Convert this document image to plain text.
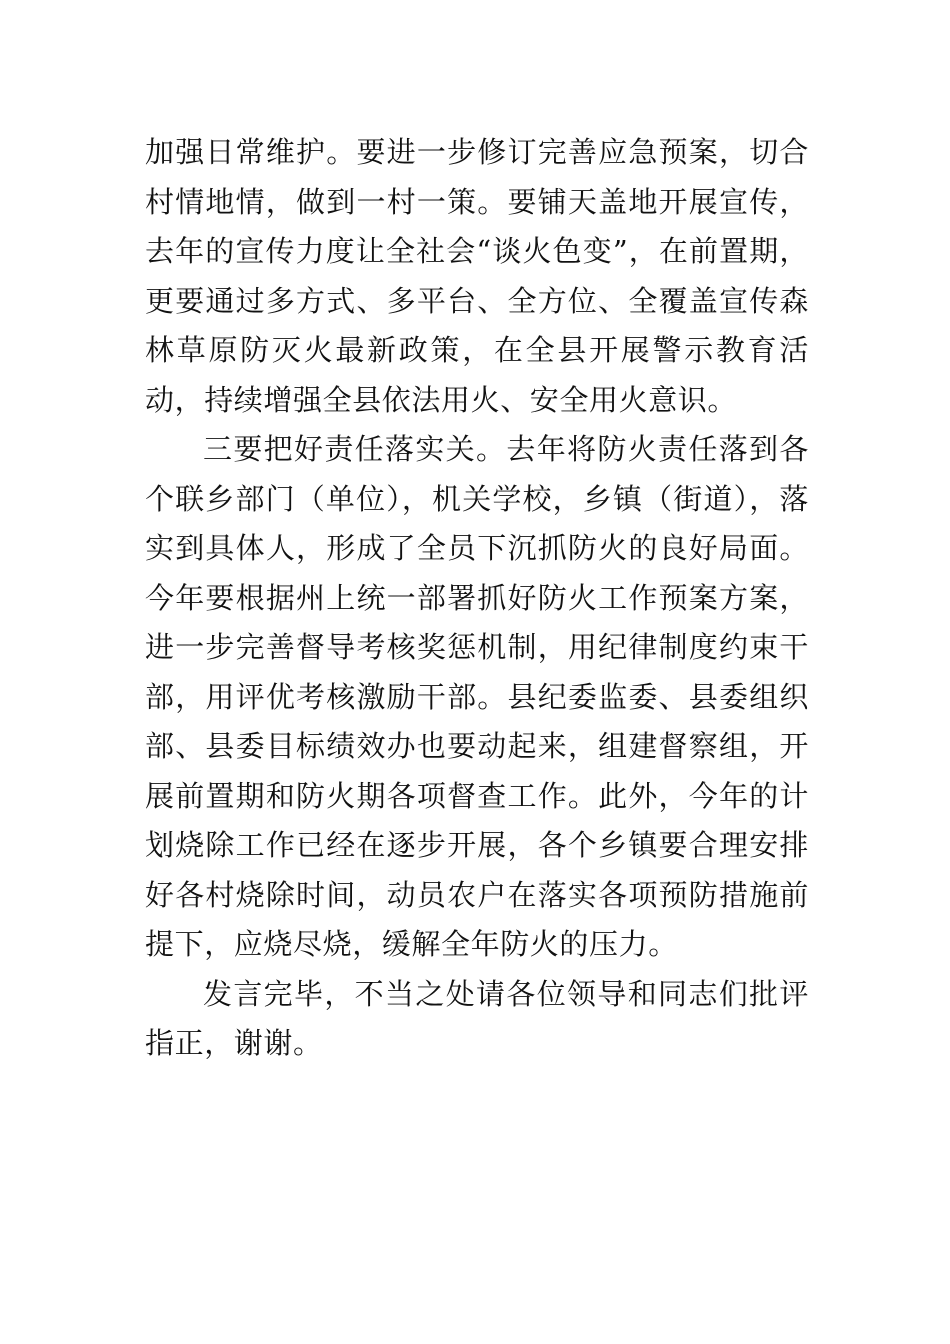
加强日常维护。要进一步修订完善应急预案，切合村情地情，做到一村一策。要铺天盖地开展宣传，去年的宣传力度让全社会“谈火色变”，在前置期，更要通过多方式、多平台、全方位、全覆盖宣传森林草原防灭火最新政策，在全县开展警示教育活动，持续增强全县依法用火、安全用火意识。

三要把好责任落实关。去年将防火责任落到各个联乡部门（单位），机关学校，乡镇（街道），落实到具体人，形成了全员下沉抓防火的良好局面。今年要根据州上统一部署抓好防火工作预案方案，进一步完善督导考核奖惩机制，用纪律制度约束干部，用评优考核激励干部。县纪委监委、县委组织部、县委目标绩效办也要动起来，组建督察组，开展前置期和防火期各项督查工作。此外，今年的计划烧除工作已经在逐步开展，各个乡镇要合理安排好各村烧除时间，动员农户在落实各项预防措施前提下，应烧尽烧，缓解全年防火的压力。

发言完毕，不当之处请各位领导和同志们批评指正，谢谢。
